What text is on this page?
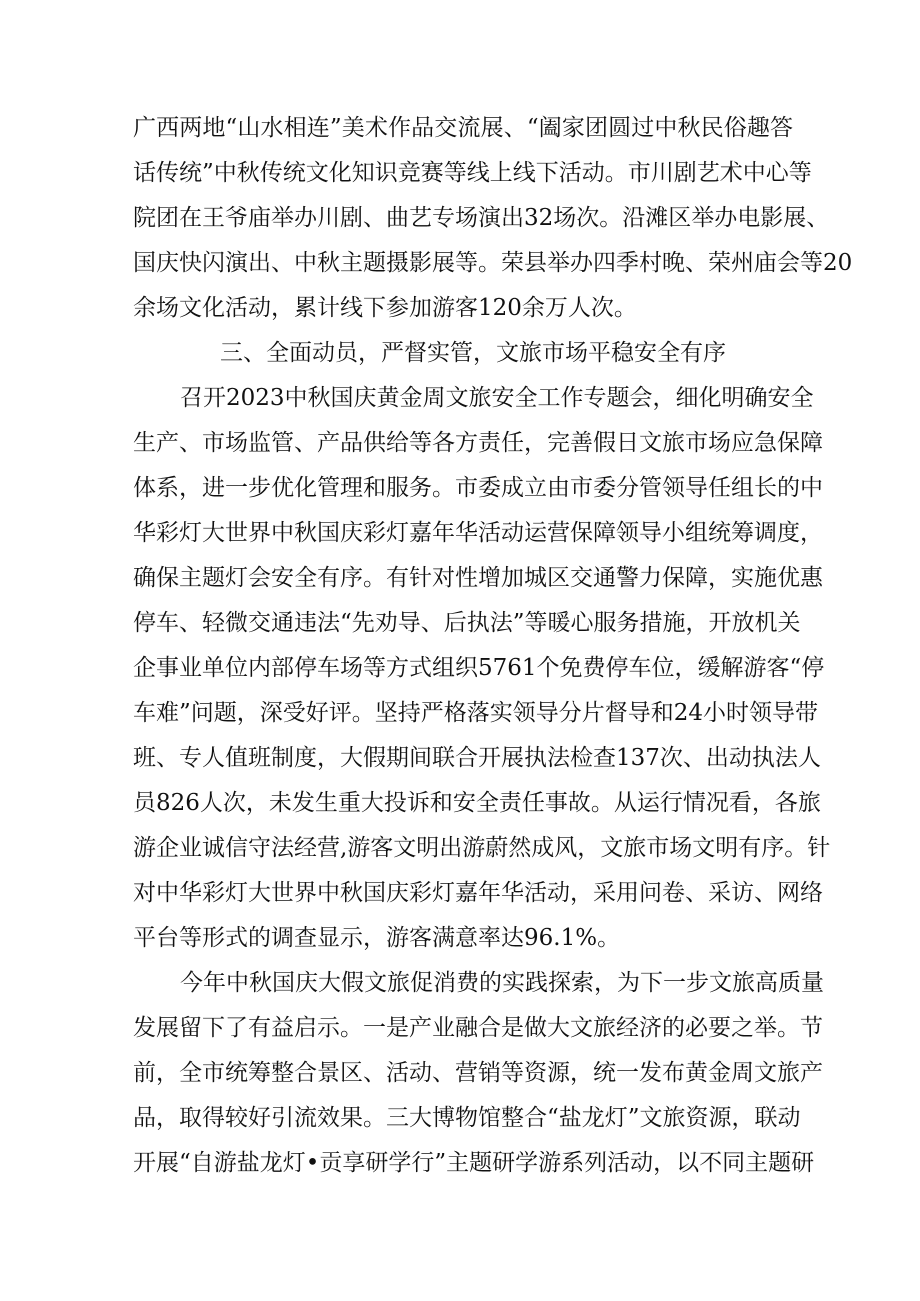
广西两地“山水相连”美术作品交流展、“阖家团圆过中秋民俗趣答
话传统”中秋传统文化知识竞赛等线上线下活动。市川剧艺术中心等
院团在王爷庙举办川剧、曲艺专场演出32场次。沿滩区举办电影展、
国庆快闪演出、中秋主题摄影展等。荣县举办四季村晚、荣州庙会等20
余场文化活动，累计线下参加游客120余万人次。
三、全面动员，严督实管，文旅市场平稳安全有序
召开2023中秋国庆黄金周文旅安全工作专题会，细化明确安全
生产、市场监管、产品供给等各方责任，完善假日文旅市场应急保障
体系，进一步优化管理和服务。市委成立由市委分管领导任组长的中
华彩灯大世界中秋国庆彩灯嘉年华活动运营保障领导小组统筹调度，
确保主题灯会安全有序。有针对性增加城区交通警力保障，实施优惠
停车、轻微交通违法“先劝导、后执法”等暖心服务措施，开放机关
企事业单位内部停车场等方式组织5761个免费停车位，缓解游客“停
车难”问题，深受好评。坚持严格落实领导分片督导和24小时领导带
班、专人值班制度，大假期间联合开展执法检查137次、出动执法人
员826人次，未发生重大投诉和安全责任事故。从运行情况看，各旅
游企业诚信守法经营,游客文明出游蔚然成风，文旅市场文明有序。针
对中华彩灯大世界中秋国庆彩灯嘉年华活动，采用问卷、采访、网络
平台等形式的调查显示，游客满意率达96.1%。
今年中秋国庆大假文旅促消费的实践探索，为下一步文旅高质量
发展留下了有益启示。一是产业融合是做大文旅经济的必要之举。节
前，全市统筹整合景区、活动、营销等资源，统一发布黄金周文旅产
品，取得较好引流效果。三大博物馆整合“盐龙灯”文旅资源，联动
开展“自游盐龙灯•贡享研学行”主题研学游系列活动，以不同主题研
